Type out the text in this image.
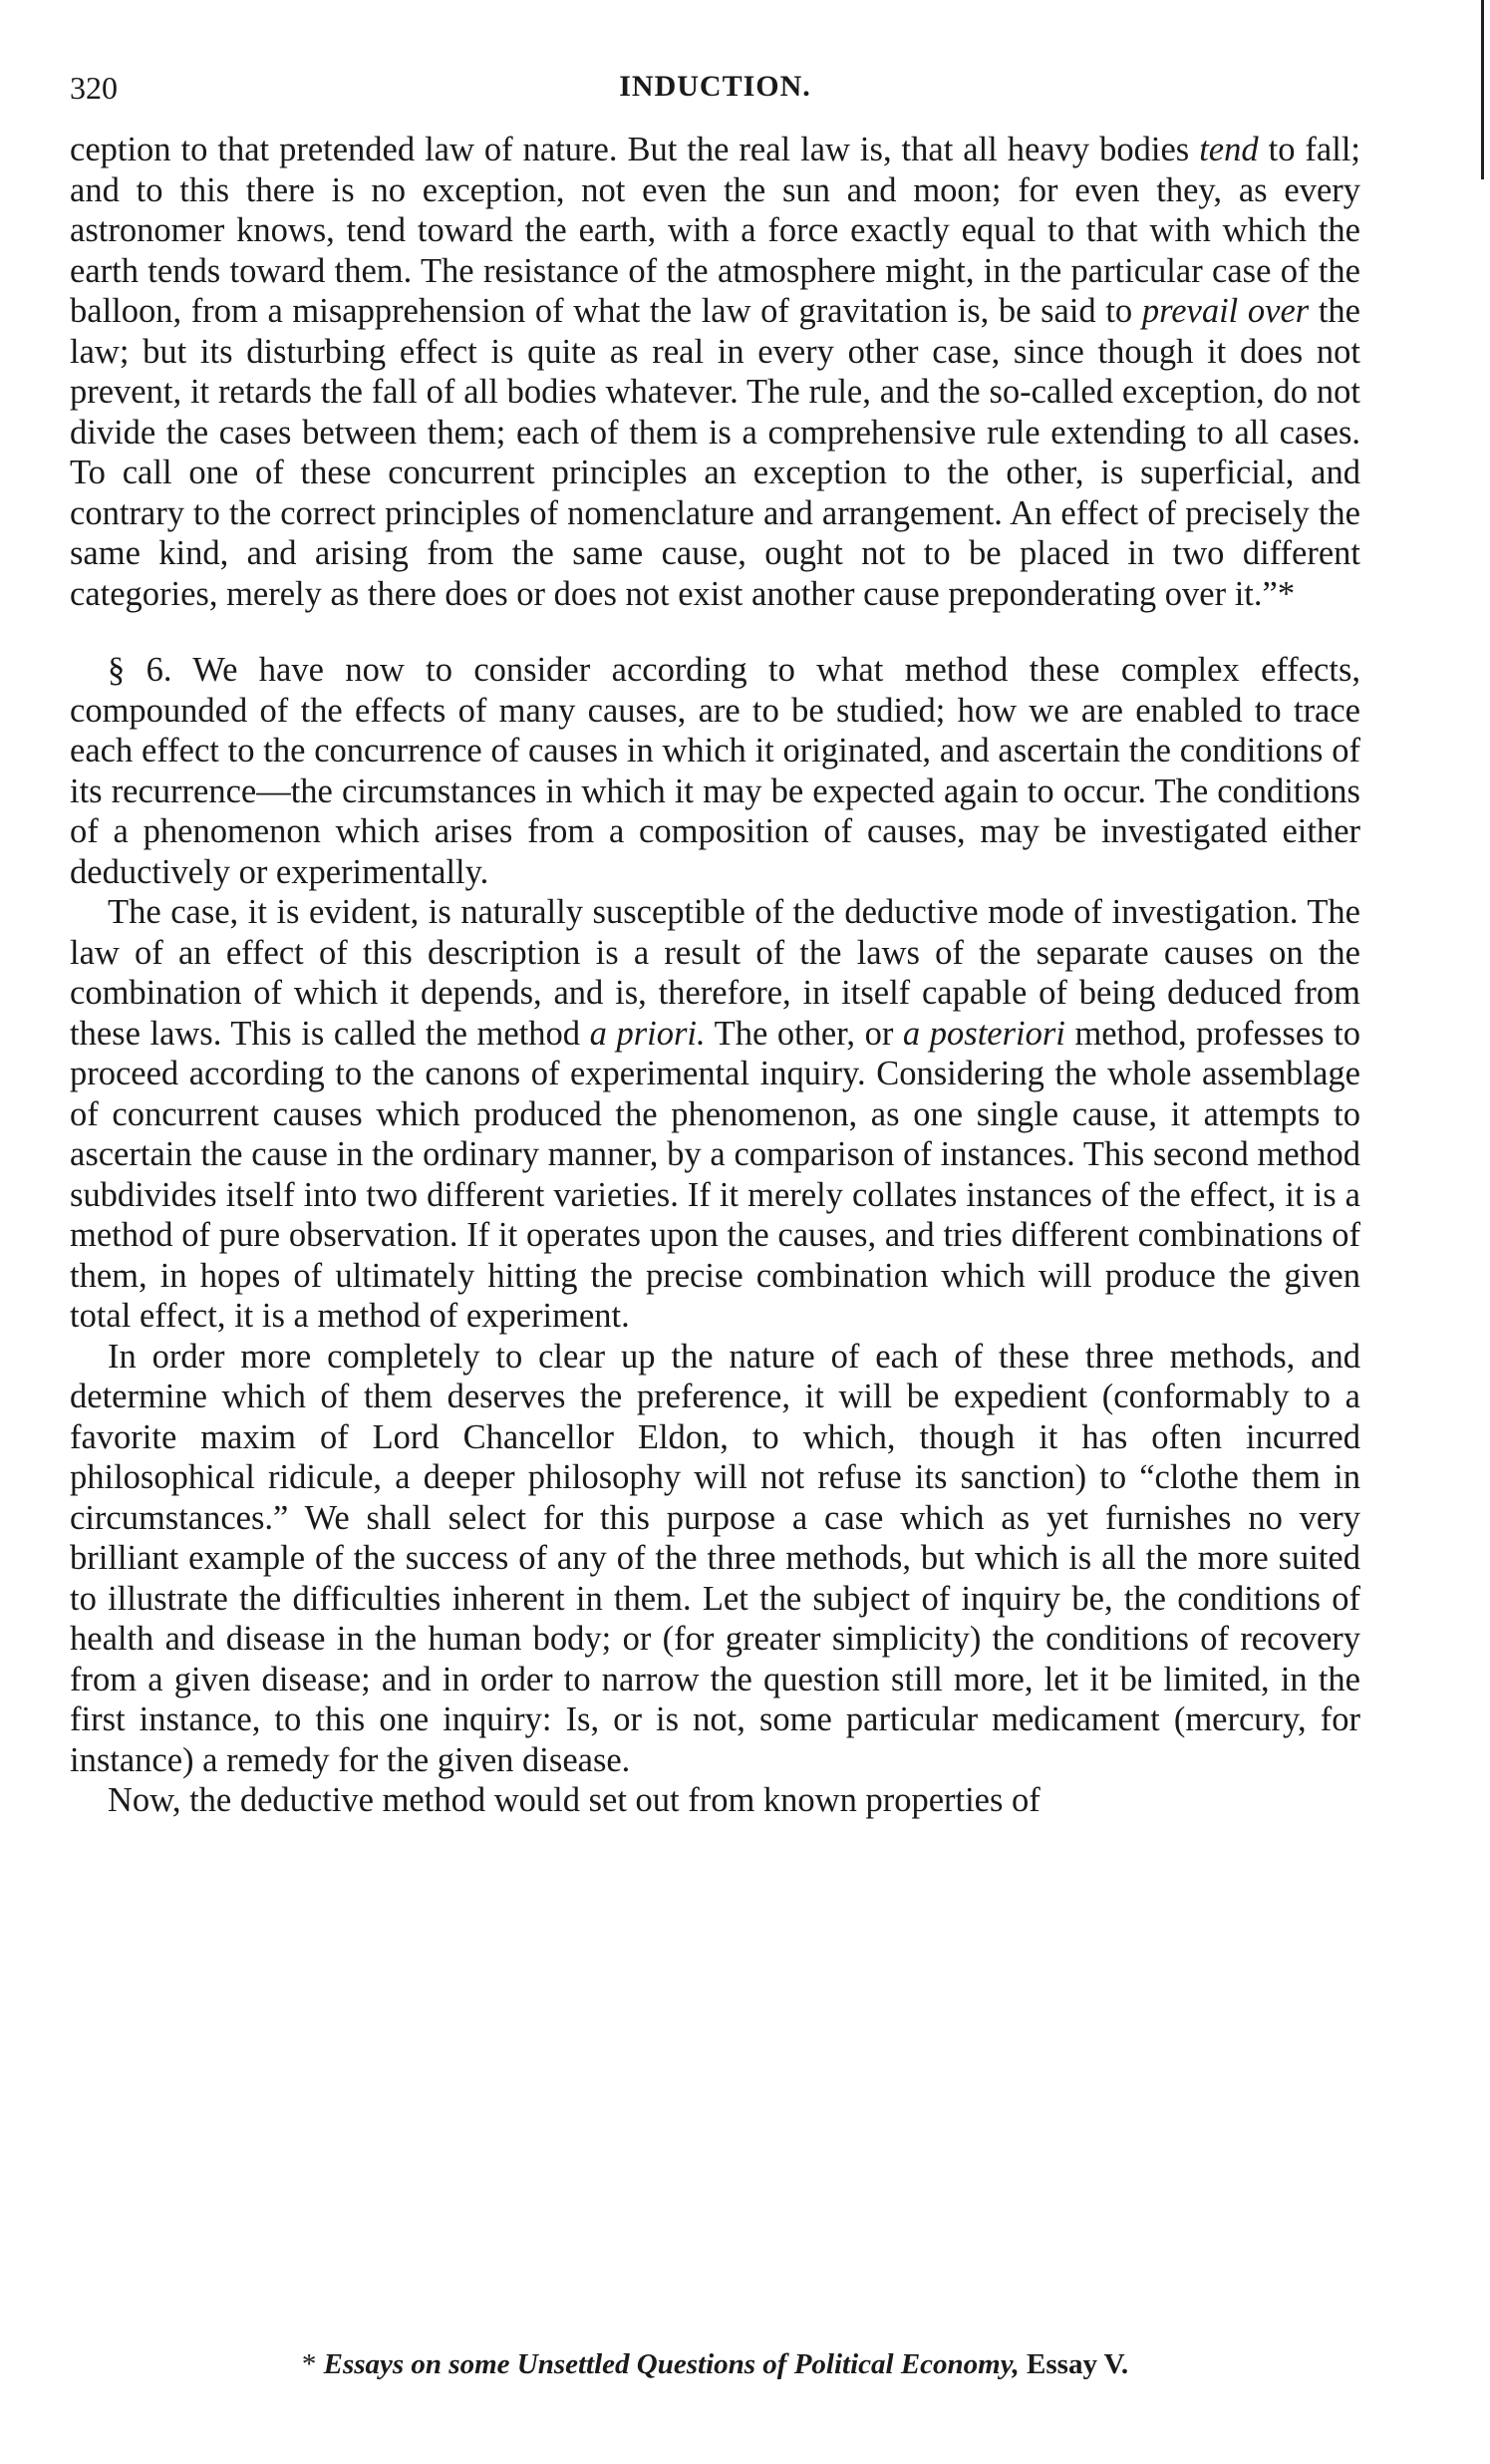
320	INDUCTION.

ception to that pretended law of nature. But the real law is, that all heavy bodies tend to fall; and to this there is no exception, not even the sun and moon; for even they, as every astronomer knows, tend toward the earth, with a force exactly equal to that with which the earth tends toward them. The resistance of the atmosphere might, in the particular case of the balloon, from a misapprehension of what the law of gravitation is, be said to prevail over the law; but its disturbing effect is quite as real in every other case, since though it does not prevent, it retards the fall of all bodies whatever. The rule, and the so-called exception, do not divide the cases between them; each of them is a comprehensive rule extending to all cases. To call one of these concurrent principles an exception to the other, is superficial, and contrary to the correct principles of nomenclature and arrangement. An effect of precisely the same kind, and arising from the same cause, ought not to be placed in two different categories, merely as there does or does not exist another cause preponderating over it.”*

§ 6. We have now to consider according to what method these complex effects, compounded of the effects of many causes, are to be studied; how we are enabled to trace each effect to the concurrence of causes in which it originated, and ascertain the conditions of its recurrence—the circumstances in which it may be expected again to occur. The conditions of a phenomenon which arises from a composition of causes, may be investigated either deductively or experimentally.

The case, it is evident, is naturally susceptible of the deductive mode of investigation. The law of an effect of this description is a result of the laws of the separate causes on the combination of which it depends, and is, therefore, in itself capable of being deduced from these laws. This is called the method a priori. The other, or a posteriori method, professes to proceed according to the canons of experimental inquiry. Considering the whole assemblage of concurrent causes which produced the phenomenon, as one single cause, it attempts to ascertain the cause in the ordinary manner, by a comparison of instances. This second method subdivides itself into two different varieties. If it merely collates instances of the effect, it is a method of pure observation. If it operates upon the causes, and tries different combinations of them, in hopes of ultimately hitting the precise combination which will produce the given total effect, it is a method of experiment.

In order more completely to clear up the nature of each of these three methods, and determine which of them deserves the preference, it will be expedient (conformably to a favorite maxim of Lord Chancellor Eldon, to which, though it has often incurred philosophical ridicule, a deeper philosophy will not refuse its sanction) to “clothe them in circumstances.” We shall select for this purpose a case which as yet furnishes no very brilliant example of the success of any of the three methods, but which is all the more suited to illustrate the difficulties inherent in them. Let the subject of inquiry be, the conditions of health and disease in the human body; or (for greater simplicity) the conditions of recovery from a given disease; and in order to narrow the question still more, let it be limited, in the first instance, to this one inquiry: Is, or is not, some particular medicament (mercury, for instance) a remedy for the given disease.

Now, the deductive method would set out from known properties of

* Essays on some Unsettled Questions of Political Economy, Essay V.
